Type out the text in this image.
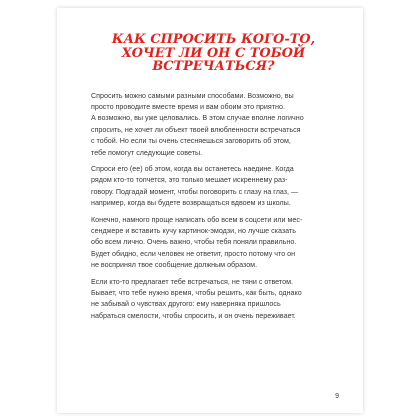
КАК СПРОСИТЬ КОГО-ТО,
ХОЧЕТ ЛИ ОН С ТОБОЙ
ВСТРЕЧАТЬСЯ?

Спросить можно самыми разными способами. Возможно, вы
просто проводите вместе время и вам обоим это приятно.
А возможно, вы уже целовались. В этом случае вполне логично
спросить, не хочет ли объект твоей влюбленности встречаться
с тобой. Но если ты очень стесняешься заговорить об этом,
тебе помогут следующие советы.

Спроси его (ее) об этом, когда вы останетесь наедине. Когда
рядом кто-то топчется, это только мешает искреннему раз-
говору. Подгадай момент, чтобы поговорить с глазу на глаз, —
например, когда вы будете возвращаться вдвоем из школы.

Конечно, намного проще написать обо всем в соцсети или мес-
сенджере и вставить кучу картинок-эмодзи, но лучше сказать
обо всем лично. Очень важно, чтобы тебя поняли правильно.
Будет обидно, если человек не ответит, просто потому что он
не воспринял твое сообщение должным образом.

Если кто-то предлагает тебе встречаться, не тяни с ответом.
Бывает, что тебе нужно время, чтобы решить, как быть, однако
не забывай о чувствах другого: ему наверняка пришлось
набраться смелости, чтобы спросить, и он очень переживает.

9
